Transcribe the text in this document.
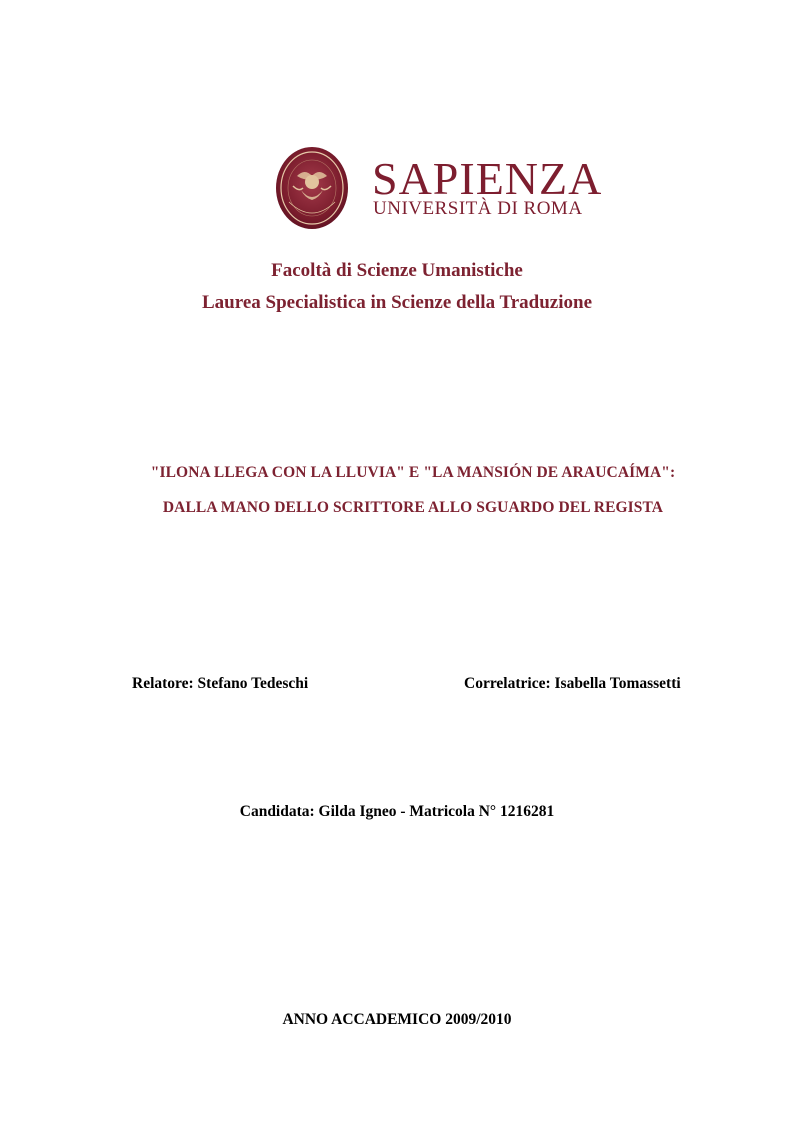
SAPIENZA
UNIVERSITÀ DI ROMA

Facoltà di Scienze Umanistiche

Laurea Specialistica in Scienze della Traduzione

"ILONA LLEGA CON LA LLUVIA" E "LA MANSIÓN DE ARAUCAÍMA":

DALLA MANO DELLO SCRITTORE ALLO SGUARDO DEL REGISTA

Relatore: Stefano Tedeschi	Correlatrice: Isabella Tomassetti

Candidata: Gilda Igneo - Matricola N° 1216281

ANNO ACCADEMICO 2009/2010
